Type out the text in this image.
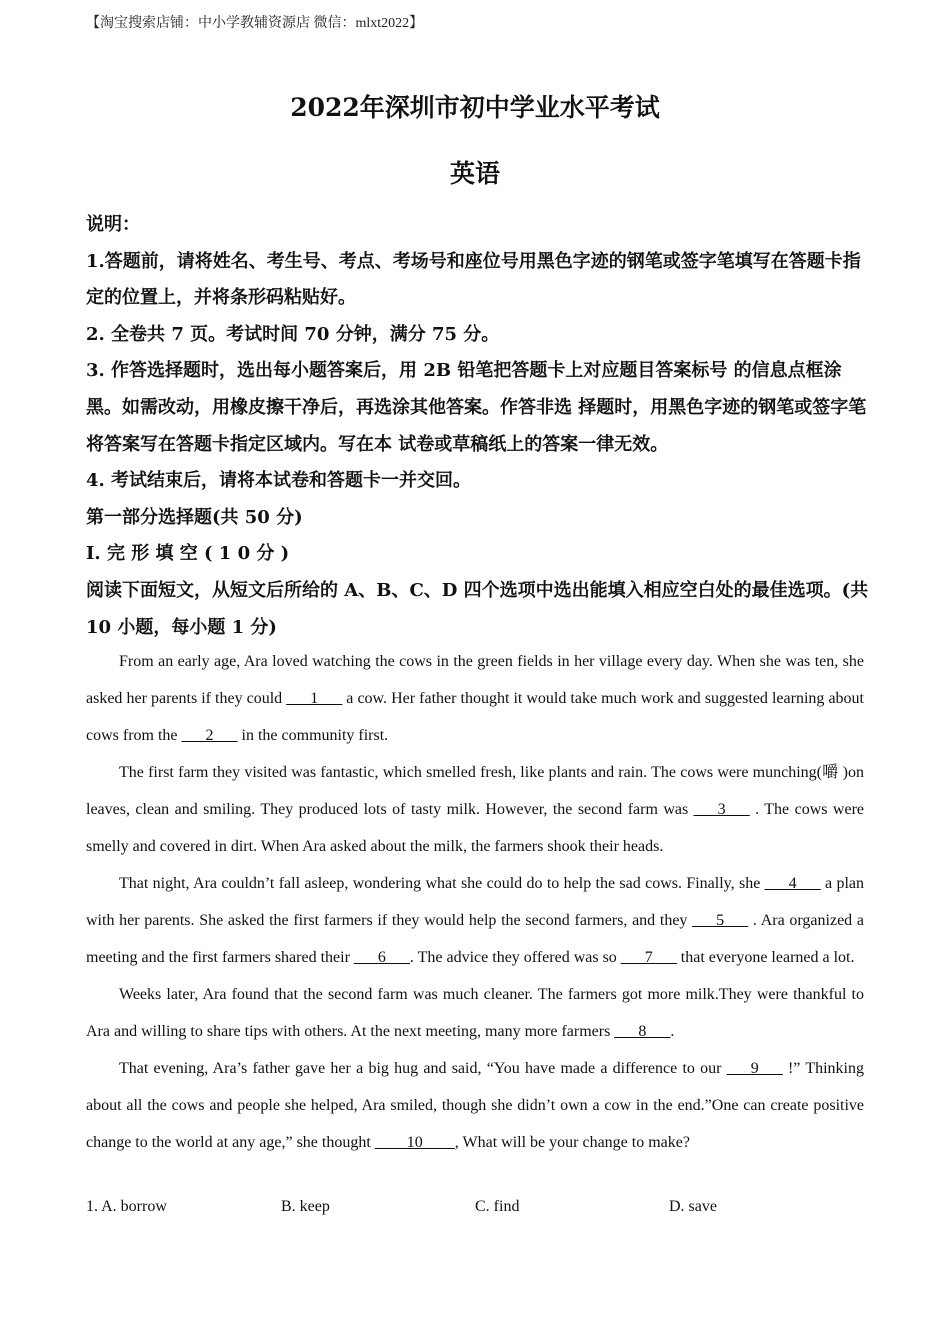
【淘宝搜索店铺：中小学教辅资源店 微信：mlxt2022】
2022年深圳市初中学业水平考试
英语

说明：

1.答题前，请将姓名、考生号、考点、考场号和座位号用黑色字迹的钢笔或签字笔填写在答题卡指定的位置上，并将条形码粘贴好。

2. 全卷共 7 页。考试时间 70 分钟，满分 75 分。

3. 作答选择题时，选出每小题答案后，用 2B 铅笔把答题卡上对应题目答案标号 的信息点框涂黑。如需改动，用橡皮擦干净后，再选涂其他答案。作答非选 择题时，用黑色字迹的钢笔或签字笔将答案写在答题卡指定区域内。写在本 试卷或草稿纸上的答案一律无效。

4. 考试结束后，请将本试卷和答题卡一并交回。

第一部分选择题(共 50 分)

I. 完 形 填 空 ( 1 0 分 )

阅读下面短文，从短文后所给的 A、B、C、D 四个选项中选出能填入相应空白处的最佳选项。(共 10 小题，每小题 1 分)

From an early age, Ara loved watching the cows in the green fields in her village every day. When she was ten, she asked her parents if they could ___1___ a cow. Her father thought it would take much work and suggested learning about cows from the ___2___ in the community first.

The first farm they visited was fantastic, which smelled fresh, like plants and rain. The cows were munching(嚼 )on leaves, clean and smiling. They produced lots of tasty milk. However, the second farm was ___3___ . The cows were smelly and covered in dirt. When Ara asked about the milk, the farmers shook their heads.

That night, Ara couldn’t fall asleep, wondering what she could do to help the sad cows. Finally, she ___4___ a plan with her parents. She asked the first farmers if they would help the second farmers, and they ___5___ . Ara organized a meeting and the first farmers shared their ___6___. The advice they offered was so ___7___ that everyone learned a lot.

Weeks later, Ara found that the second farm was much cleaner. The farmers got more milk.They were thankful to Ara and willing to share tips with others. At the next meeting, many more farmers ___8___.

That evening, Ara’s father gave her a big hug and said, “You have made a difference to our ___9___ !” Thinking about all the cows and people she helped, Ara smiled, though she didn’t own a cow in the end.”One can create positive change to the world at any age,” she thought ____10____, What will be your change to make?

1. A. borrow	B. keep	C. find	D. save
